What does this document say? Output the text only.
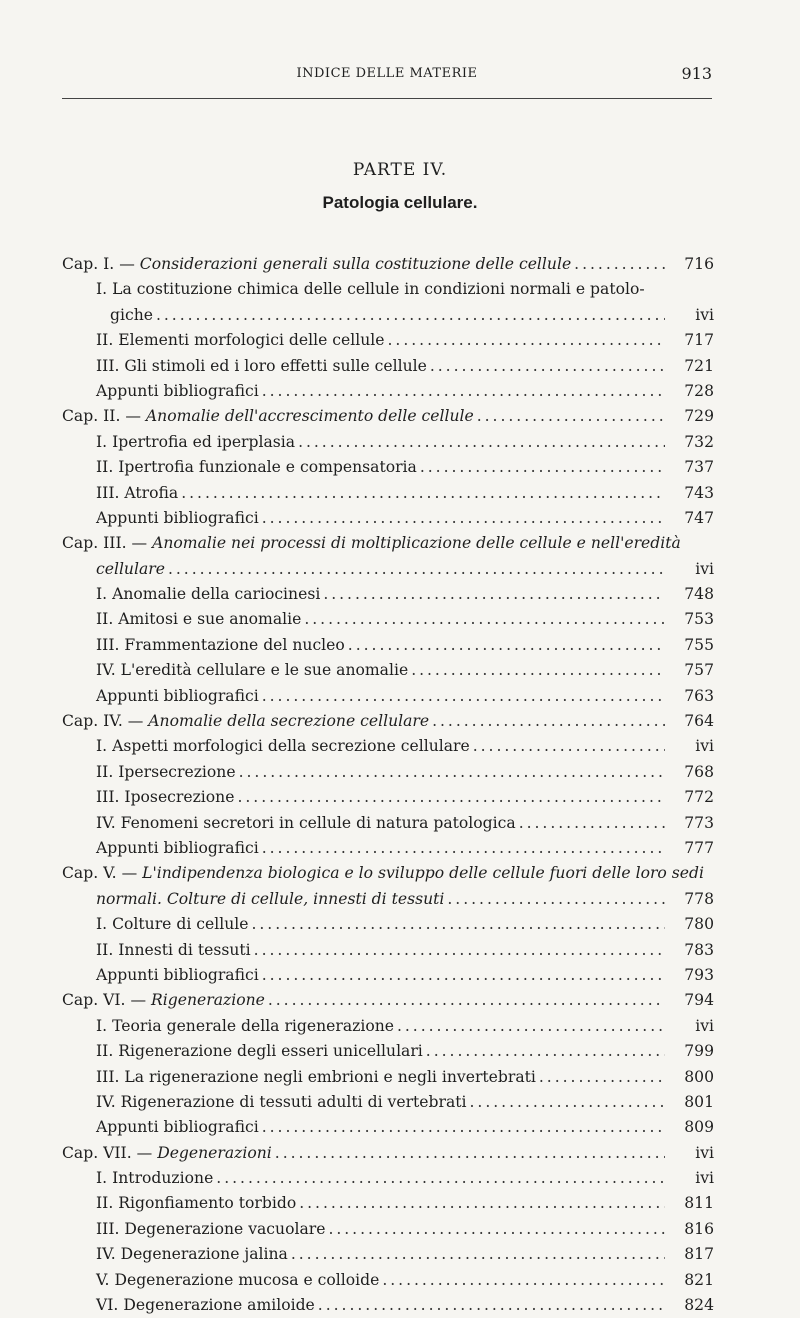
INDICE DELLE MATERIE	913
PARTE IV.
Patologia cellulare.
Cap. I. — Considerazioni generali sulla costituzione delle cellule . . .	716
I. La costituzione chimica delle cellule in condizioni normali e patolo-
giche . . .	ivi
II. Elementi morfologici delle cellule . . .	717
III. Gli stimoli ed i loro effetti sulle cellule . . .	721
Appunti bibliografici . . .	728
Cap. II. — Anomalie dell'accrescimento delle cellule . . .	729
I. Ipertrofia ed iperplasia . . .	732
II. Ipertrofia funzionale e compensatoria . . .	737
III. Atrofia . . .	743
Appunti bibliografici . . .	747
Cap. III. — Anomalie nei processi di moltiplicazione delle cellule e nell'eredità
cellulare . . .	ivi
I. Anomalie della cariocinesi . . .	748
II. Amitosi e sue anomalie . . .	753
III. Frammentazione del nucleo . . .	755
IV. L'eredità cellulare e le sue anomalie . . .	757
Appunti bibliografici . . .	763
Cap. IV. — Anomalie della secrezione cellulare . . .	764
I. Aspetti morfologici della secrezione cellulare . . .	ivi
II. Ipersecrezione . . .	768
III. Iposecrezione . . .	772
IV. Fenomeni secretori in cellule di natura patologica . . .	773
Appunti bibliografici . . .	777
Cap. V. — L'indipendenza biologica e lo sviluppo delle cellule fuori delle loro sedi
normali. Colture di cellule, innesti di tessuti . . .	778
I. Colture di cellule . . .	780
II. Innesti di tessuti . . .	783
Appunti bibliografici . . .	793
Cap. VI. — Rigenerazione . . .	794
I. Teoria generale della rigenerazione . . .	ivi
II. Rigenerazione degli esseri unicellulari . . .	799
III. La rigenerazione negli embrioni e negli invertebrati . . .	800
IV. Rigenerazione di tessuti adulti di vertebrati . . .	801
Appunti bibliografici . . .	809
Cap. VII. — Degenerazioni . . .	ivi
I. Introduzione . . .	ivi
II. Rigonfiamento torbido . . .	811
III. Degenerazione vacuolare . . .	816
IV. Degenerazione jalina . . .	817
V. Degenerazione mucosa e colloide . . .	821
VI. Degenerazione amiloide . . .	824
